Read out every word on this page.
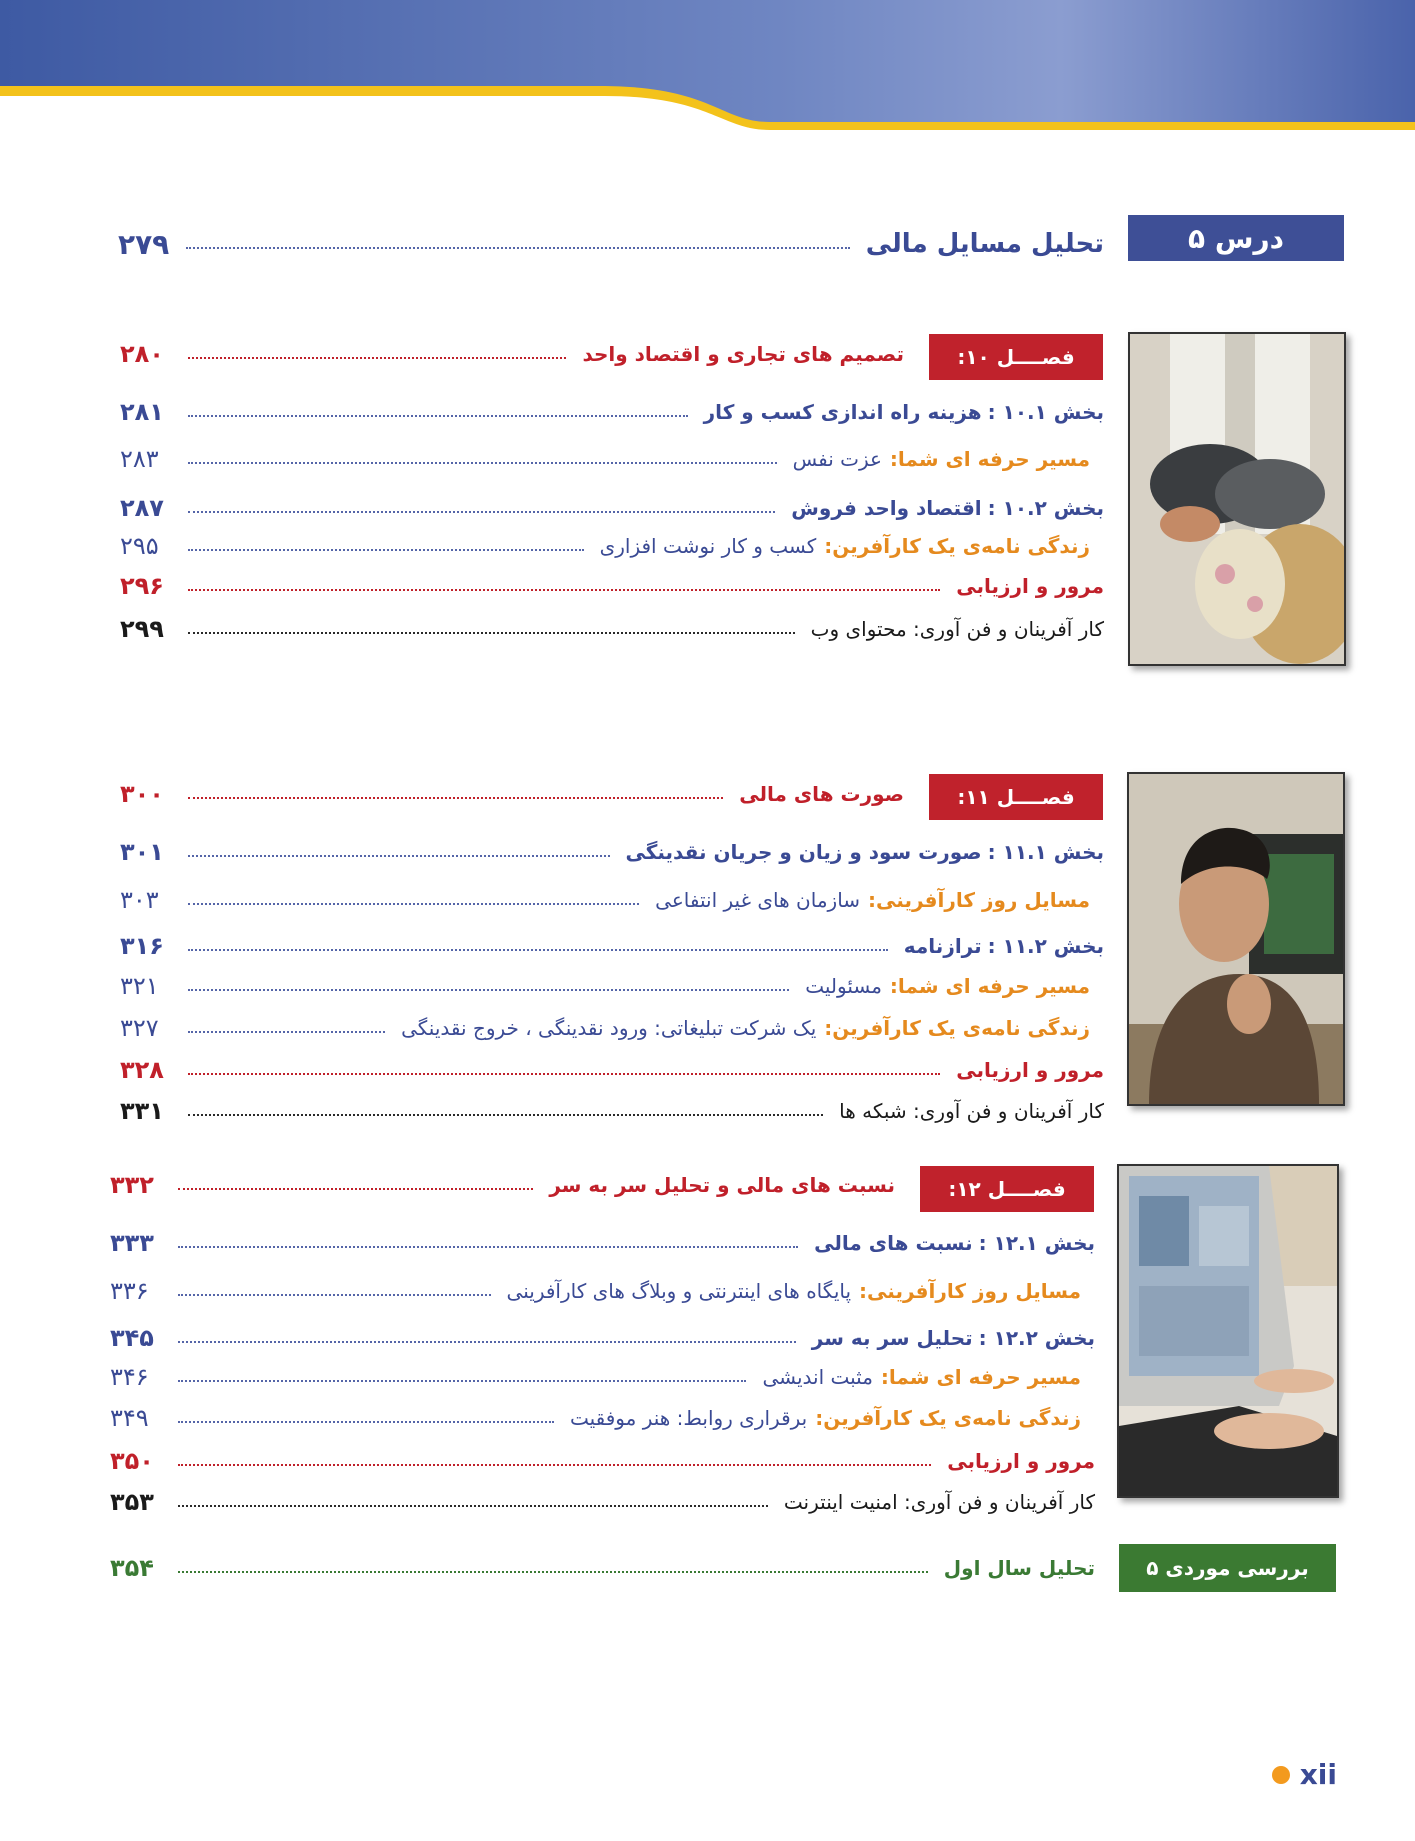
درس ۵
تحلیل مسایل مالی
۲۷۹
فصــــل ۱۰:
تصمیم های تجاری و اقتصاد واحد
۲۸۰
بخش ۱۰.۱ :
هزینه راه اندازی کسب و کار
۲۸۱
مسیر حرفه ای شما:
عزت نفس
۲۸۳
بخش ۱۰.۲ :
اقتصاد واحد فروش
۲۸۷
زندگی نامه‌ی یک کارآفرین:
کسب و کار نوشت افزاری
۲۹۵
مرور و ارزیابی
۲۹۶
کار آفرینان و فن آوری: محتوای وب
۲۹۹
فصــــل ۱۱:
صورت های مالی
۳۰۰
بخش ۱۱.۱ :
صورت سود و زیان و جریان نقدینگی
۳۰۱
مسایل روز کارآفرینی:
سازمان های غیر انتفاعی
۳۰۳
بخش ۱۱.۲ :
ترازنامه
۳۱۶
مسیر حرفه ای شما:
مسئولیت
۳۲۱
زندگی نامه‌ی یک کارآفرین:
یک شرکت تبلیغاتی: ورود نقدینگی ، خروج نقدینگی
۳۲۷
مرور و ارزیابی
۳۲۸
کار آفرینان و فن آوری: شبکه ها
۳۳۱
فصــــل ۱۲:
نسبت های مالی و تحلیل سر به سر
۳۳۲
بخش ۱۲.۱ :
نسبت های مالی
۳۳۳
مسایل روز کارآفرینی:
پایگاه های اینترنتی و وبلاگ های کارآفرینی
۳۳۶
بخش ۱۲.۲ :
تحلیل سر به سر
۳۴۵
مسیر حرفه ای شما:
مثبت اندیشی
۳۴۶
زندگی نامه‌ی یک کارآفرین:
برقراری روابط: هنر موفقیت
۳۴۹
مرور و ارزیابی
۳۵۰
کار آفرینان و فن آوری: امنیت اینترنت
۳۵۳
بررسی موردی ۵
تحلیل سال اول
۳۵۴
xii
